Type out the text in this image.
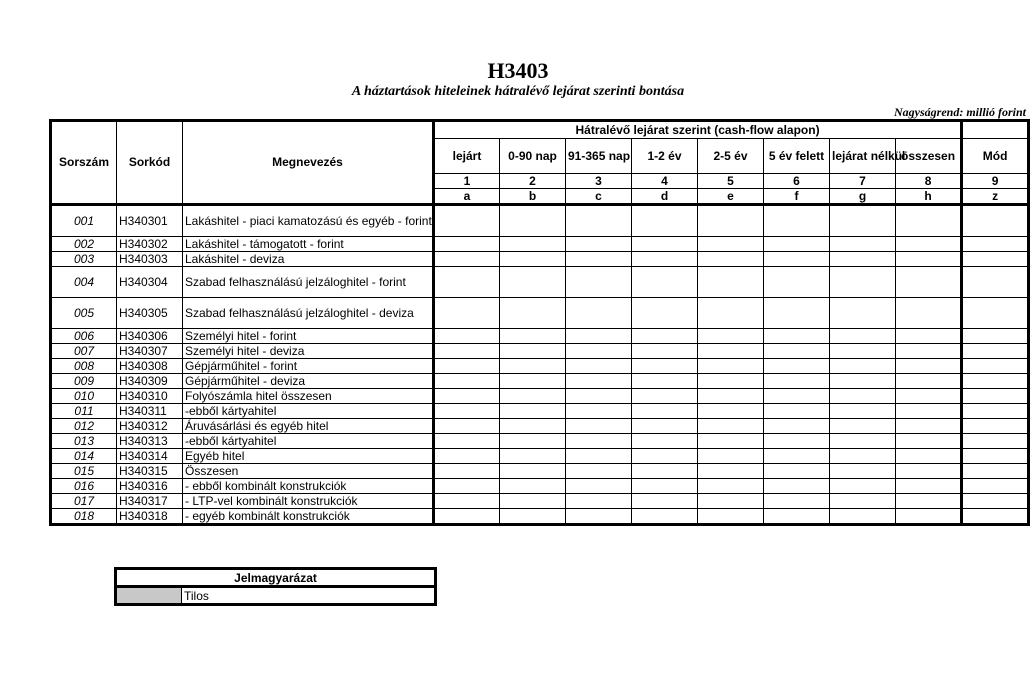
H3403
A háztartások hiteleinek hátralévő lejárat szerinti bontása
Nagyságrend: millió forint
Sorszám	Sorkód	Megnevezés	Hátralévő lejárat szerint (cash-flow alapon)								
			lejárt	0-90 nap	91-365 nap	1-2 év	2-5 év	5 év felett	lejárat nélkül	összesen	Mód
			1	2	3	4	5	6	7	8	9
			a	b	c	d	e	f	g	h	z
001	H340301	Lakáshitel - piaci kamatozású és egyéb - forint									
002	H340302	Lakáshitel - támogatott - forint									
003	H340303	Lakáshitel - deviza									
004	H340304	Szabad felhasználású jelzáloghitel - forint									
005	H340305	Szabad felhasználású jelzáloghitel - deviza									
006	H340306	Személyi hitel - forint									
007	H340307	Személyi hitel - deviza									
008	H340308	Gépjárműhitel - forint									
009	H340309	Gépjárműhitel - deviza									
010	H340310	Folyószámla hitel összesen									
011	H340311	-ebből kártyahitel									
012	H340312	Áruvásárlási és egyéb hitel									
013	H340313	-ebből kártyahitel									
014	H340314	Egyéb hitel									
015	H340315	Összesen									
016	H340316	- ebből kombinált konstrukciók									
017	H340317	- LTP-vel kombinált konstrukciók									
018	H340318	- egyéb kombinált konstrukciók									
Jelmagyarázat
	Tilos
